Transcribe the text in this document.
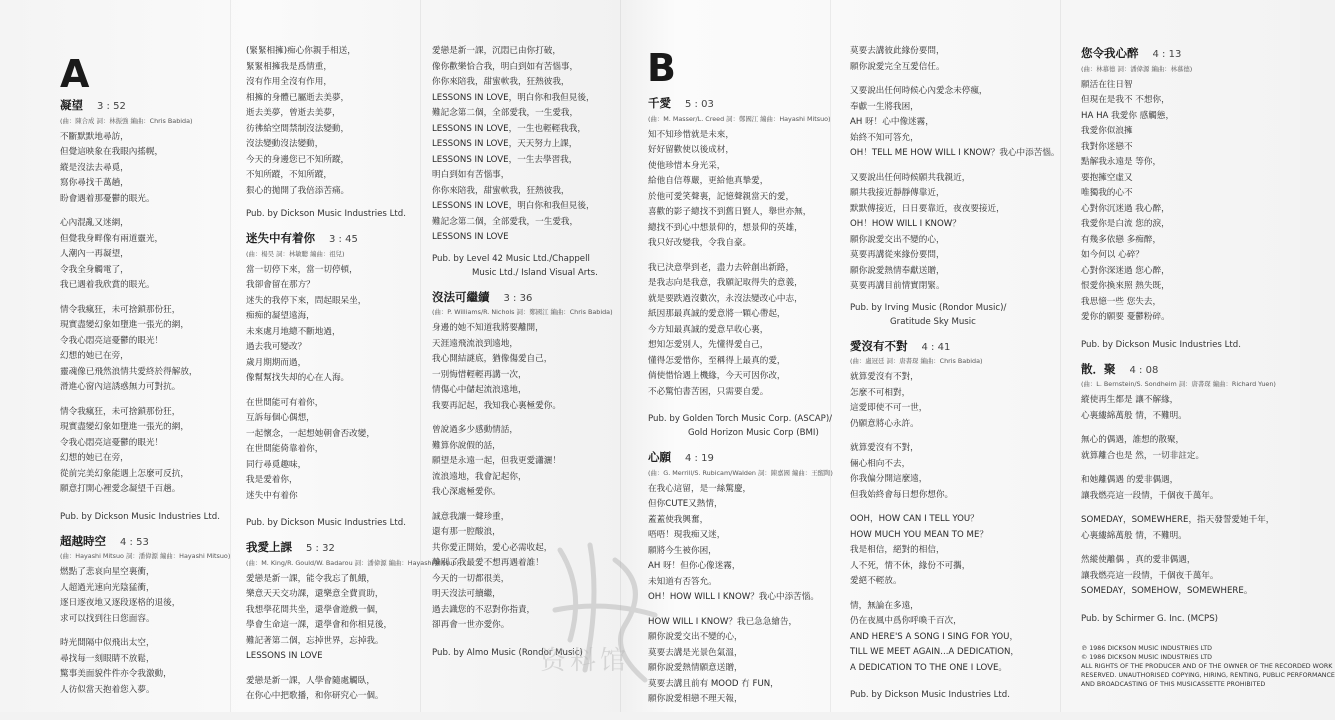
A	B
凝望 3 : 52
(曲：陳合成 詞：林振強 編曲：Chris Babida)
不斷默默地尋訪，
但覺這映象在我眼內搖幌，
縱是沒法去尋覓，
寫你尋找千萬趟，
盼會遇着那憂鬱的眼光。
心內混亂又迷網，
但覺我身畔像有兩道靈光，
人潮內一再凝望，
令我全身觸電了，
我已遇着我欣賞的眼光。
情令我瘋狂，未可捨鎖那份狂，
現實盡變幻象如墮進一張光的網，
令我心悶亮這憂鬱的眼光！
幻想的她已在旁，
靈魂像已飛然浪情共愛終於得解放，
滑進心窗內這誘惑無力可對抗。
情令我瘋狂，未可捨鎖那份狂，
現實盡變幻象如墮進一張光的網，
令我心悶亮這憂鬱的眼光！
幻想的她已在旁，
從前完美幻象能遇上怎麼可反抗，
願意打開心裡愛念凝望千百趟。
Pub. by Dickson Music Industries Ltd.
超越時空 4 : 53
(曲：Hayashi Mitsuo 詞：潘偉源 編曲：Hayashi Mitsuo)
燃點了悲哀向星空裏衝，
人超過光速向光陰猛衝，
逐日逐夜地又逐段逐格的退後，
求可以找到往日您面容。
時光間隔中似飛出太空，
尋找每一刻眼睛不放鬆，
驚事美面貌件件亦令我激動，
人彷似當天抱着您入夢。
(緊緊相擁)痴心你親手相送，
緊緊相擁我是爲情重，
沒有作用全沒有作用，
相擁的身體已屬逝去美夢，
逝去美夢，曾逝去美夢，
彷彿給空間禁制沒法變動，
沒法變動沒法變動，
今天的身邊您已不知所蹤，
不知所蹤，不知所蹤，
狠心的拋開了我倍添苦痛。
Pub. by Dickson Music Industries Ltd.
迷失中有着你 3 : 45
(曲：楊昊 詞：林敏驄 編曲：祖兒)
當一切停下來，當一切停頓，
我卻會留在那方？
迷失的我停下來，問起眼呆坐，
痴痴的凝望遠海，
未來處月地總不斷地過，
過去我可變改？
歲月期期而過，
像幫幫找失却的心在人海。
在世間能可有着你，
互訴每個心偶想，
一起懷念，一起想她朝會否改變，
在世間能倚靠着你，
同行尋覓趣味，
我是愛着你，
迷失中有着你
Pub. by Dickson Music Industries Ltd.
我愛上課 5 : 32
(曲：M. King/R. Gould/W. Badarou 詞：潘偉源 編曲：Hayashi Mitsuo)
愛戀是新一課，能令我忘了飢餓，
樂意天天交功課，還樂意全費貢助，
我想學花間共坐，還學會遊戲一個，
學會生命這一課，還學會和你相見後，
難記著第二個，忘掉世界，忘掉我。
LESSONS IN LOVE
愛戀是新一課，人學會隨處觸臥，
在你心中把歌播，和你研究心一個。
愛戀是新一課，沉悶已由你打破，
像你歡樂恰合我，明白到如有苦惱事，
你你來陪我，甜蜜軟我，狂熱彼我，
LESSONS IN LOVE，明白你和我但見後，
難記念第二個，全部愛我，一生愛我，
LESSONS IN LOVE，一生也輕輕我我，
LESSONS IN LOVE，天天努力上課，
LESSONS IN LOVE，一生去學習我，
明白到如有苦惱事，
你你來陪我，甜蜜軟我，狂熱彼我，
LESSONS IN LOVE，明白你和我但見後，
難記念第二個，全部愛我，一生愛我，
LESSONS IN LOVE
Pub. by Level 42 Music Ltd./Chappell
Music Ltd./ Island Visual Arts.
沒法可繼續 3 : 36
(曲：P. Williams/R. Nichols 詞：鄭國江 編曲：Chris Babida)
身邊的她不知道我將要離開，
天涯遠飛流浪到遠地，
我心開結謎底，猶像傷愛自己，
一別悔惜輕輕再講一次，
情傷心中儲起流浪遠地，
我要再記起，我知我心裏極愛你。
曾說過多少感動情話，
難算你說假的話，
願望是永遠一起，但我更愛瀟灑！
流浪遠地，我會記起你，
我心深處極愛你。
誠意我讓一聲珍重，
還有那一腔酸浪，
共你愛正開始，愛心必需收起，
離別了我最愛不想再遇着誰！
今天的一切都很美，
明天沒法可續繼，
過去識您的不忍對你指責，
卻再會一世亦愛你。
Pub. by Almo Music (Rondor Music)
千愛 5 : 03
(曲：M. Masser/L. Creed 詞：鄭國江 編曲：Hayashi Mitsuo)
知不知珍惜就是未來，
好好留歡使以後成材，
使他珍惜本身光采，
給他自信尊嚴，更給他真摯愛，
於他可愛笑聲裏，記憶聲親當天的愛，
喜歡的影子總找不到舊日賢人，舉世亦無，
總找不到心中想景仰的，想景仰的英雄，
我只好改變我，令我自豪。
我已決意學到老，盡力去幹創出新路，
是我志向是我意，我願記取得失的意義，
就是要跌過沒數次，永沒法變改心中志，
紙因那最真誠的愛意將一顆心帶起，
今方知最真誠的愛意早收心裏，
想知怎愛別人，先懂得愛自己，
懂得怎愛惜你，至稱得上最真的愛，
倘使惜恰遇上機緣，今天可因你改，
不必驚怕書苦困，只需要自愛。
Pub. by Golden Torch Music Corp. (ASCAP)/
Gold Horizon Music Corp (BMI)
心願 4 : 19
(曲：G. Merrill/S. Rubicam/Walden 詞：陳嘉國 編曲：王醒陶)
在我心這留，是一絲驚慶，
但你CUTE又熱情，
蓋蓋使我興奮，
唔唔！現我痴又迷，
願將今生被你困，
AH 呀！但你心像迷霧，
未知道有否答允。
OH！HOW WILL I KNOW？我心中添苦惱。
HOW WILL I KNOW？我已急急繪告，
願你說愛交出不變的心，
莫要去講是光景色氣溫，
願你說愛熱情願意送贈，
莫要去講且前有 MOOD 冇 FUN，
願你說愛相戀不理天報，
莫要去講彼此緣份要問，
願你說愛完全互愛信任。
又要說出任何時候心內愛念未停瘋，
奉獻一生將我困，
AH 呀！心中像迷霧，
始終不知可答允，
OH！TELL ME HOW WILL I KNOW？我心中添苦惱。
又要說出任何時候願共我親近，
願共我接近靜靜傳靠近，
默默傳接近，日日要靠近，夜夜要接近，
OH！HOW WILL I KNOW？
願你說愛交出不變的心，
莫要再講從來緣份要問，
願你說愛熱情奉獻送贈，
莫要再講目前情實閉緊。
Pub. by Irving Music (Rondor Music)/
Gratitude Sky Music
愛沒有不對 4 : 41
(曲：盧冠廷 詞：唐書琛 編曲：Chris Babida)
就算愛沒有不對，
怎麼不可相對，
這愛即使不可一世，
仍願意將心永許。
就算愛沒有不對，
倆心相向不去，
你我偏分開這麼遠，
但我始終會每日想你想你。
OOH，HOW CAN I TELL YOU？
HOW MUCH YOU MEAN TO ME？
我是相信，絕對的相信，
人不死，情不休，緣份不可攜，
愛絕不輕放。
情，無論在多遠，
仍在夜風中爲你呼喚千百次，
AND HERE'S A SONG I SING FOR YOU，
TILL WE MEET AGAIN...A DEDICATION，
A DEDICATION TO THE ONE I LOVE。
Pub. by Dickson Music Industries Ltd.
您令我心醉 4 : 13
(曲：林慕德 詞：潘偉源 編曲：林慕德)
願活在往日智
但現在是我不 不想你，
HA HA 我愛你 感觸態，
我愛你似浪擁
我對你迷戀不
點解我永遠是 等你，
要抱擁空虛又
唯獨我的心不
心對你沉迷過 我心醉，
我愛你是白流 您的淚，
有幾多依戀 多痴醉，
如今何以 心碎？
心對你深迷過 您心醉，
恨愛你換來照 熱失既，
我思憶一些 您失去，
愛你的願要 憂鬱粉碎。
Pub. by Dickson Music Industries Ltd.
散．聚 4 : 08
(曲：L. Bernstein/S. Sondheim 詞：唐書琛 編曲：Richard Yuen)
縱使再生都是 讓不解緣，
心裏縷綿萬般 情，不難明。
無心的偶遇，誰想的散聚，
就算離合也是 然，一切非註定。
和她離偶遇 的愛非偶遇，
讓我燃亮這一段情，千個夜千萬年。
SOMEDAY，SOMEWHERE，指天發誓愛她千年，
心裏縷綿萬般 情，不難明。
然縱使離偶 ，真的愛非偶遇，
讓我燃亮這一段情，千個夜千萬年。
SOMEDAY，SOMEHOW，SOMEWHERE。
Pub. by Schirmer G. Inc. (MCPS)
℗ 1986 DICKSON MUSIC INDUSTRIES LTD
© 1986 DICKSON MUSIC INDUSTRIES LTD
ALL RIGHTS OF THE PRODUCER AND OF THE OWNER OF THE RECORDED WORK
RESERVED. UNAUTHORISED COPYING, HIRING, RENTING, PUBLIC PERFORMANCE
AND BROADCASTING OF THIS MUSICASSETTE PROHIBITED
资料馆
